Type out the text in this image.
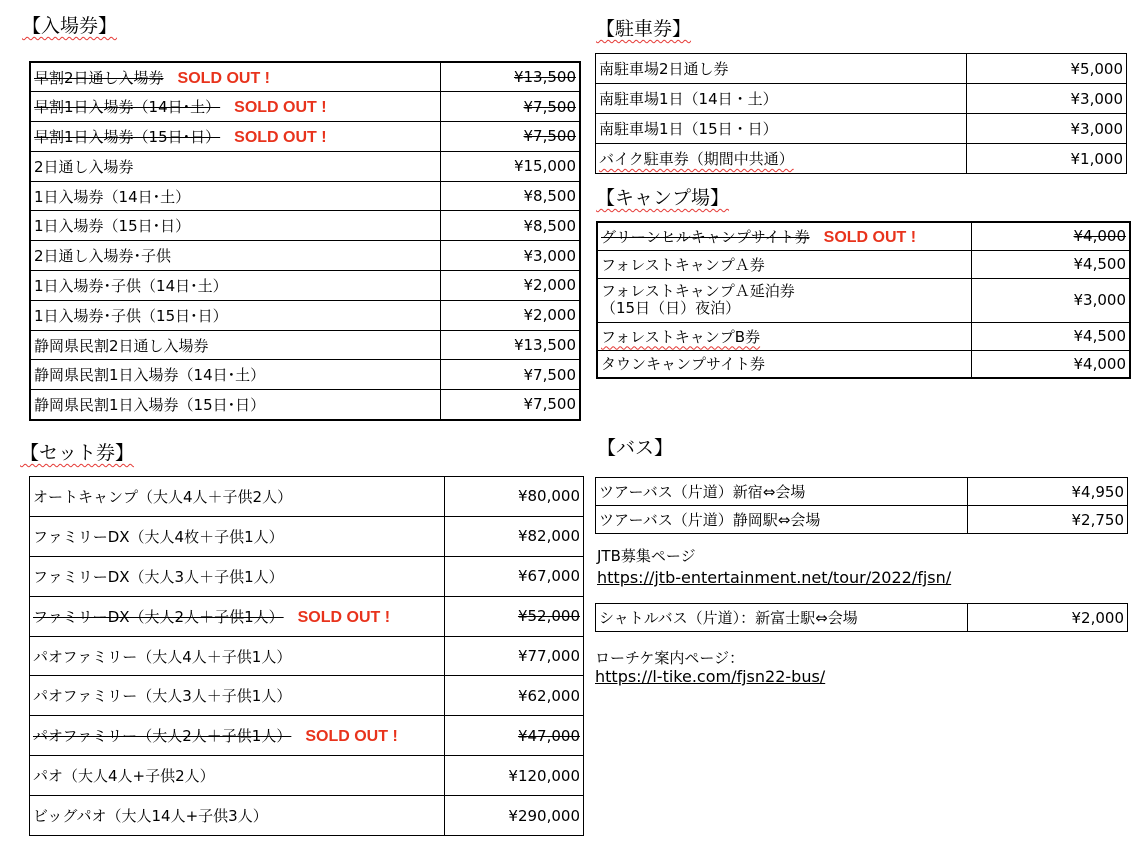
【入場券】
早割2日通し入場券 SOLD OUT !	¥13,500
早割1日入場券（14日･土） SOLD OUT !	¥7,500
早割1日入場券（15日･日） SOLD OUT !	¥7,500
2日通し入場券	¥15,000
1日入場券（14日･土）	¥8,500
1日入場券（15日･日）	¥8,500
2日通し入場券･子供	¥3,000
1日入場券･子供（14日･土）	¥2,000
1日入場券･子供（15日･日）	¥2,000
静岡県民割2日通し入場券	¥13,500
静岡県民割1日入場券（14日･土）	¥7,500
静岡県民割1日入場券（15日･日）	¥7,500
【駐車券】
南駐車場2日通し券	¥5,000
南駐車場1日（14日・土）	¥3,000
南駐車場1日（15日・日）	¥3,000
バイク駐車券（期間中共通）	¥1,000
【キャンプ場】
グリーンヒルキャンプサイト券 SOLD OUT !	¥4,000
フォレストキャンプＡ券	¥4,500

フォレストキャンプＡ延泊券
（15日（日）夜泊）	¥3,000
フォレストキャンプB券	¥4,500
タウンキャンプサイト券	¥4,000
【セット券】
オートキャンプ（大人4人＋子供2人）	¥80,000
ファミリーDX（大人4枚＋子供1人）	¥82,000
ファミリーDX（大人3人＋子供1人）	¥67,000
ファミリーDX（大人2人＋子供1人） SOLD OUT !	¥52,000
パオファミリー（大人4人＋子供1人）	¥77,000
パオファミリー（大人3人＋子供1人）	¥62,000
パオファミリー（大人2人＋子供1人） SOLD OUT !	¥47,000
パオ（大人4人+子供2人）	¥120,000
ビッグパオ（大人14人+子供3人）	¥290,000
【バス】
ツアーバス（片道）新宿⇔会場	¥4,950
ツアーバス（片道）静岡駅⇔会場	¥2,750
JTB募集ページ
https://jtb-entertainment.net/tour/2022/fjsn/
シャトルバス（片道）：新富士駅⇔会場	¥2,000
ローチケ案内ページ：
https://l-tike.com/fjsn22-bus/
